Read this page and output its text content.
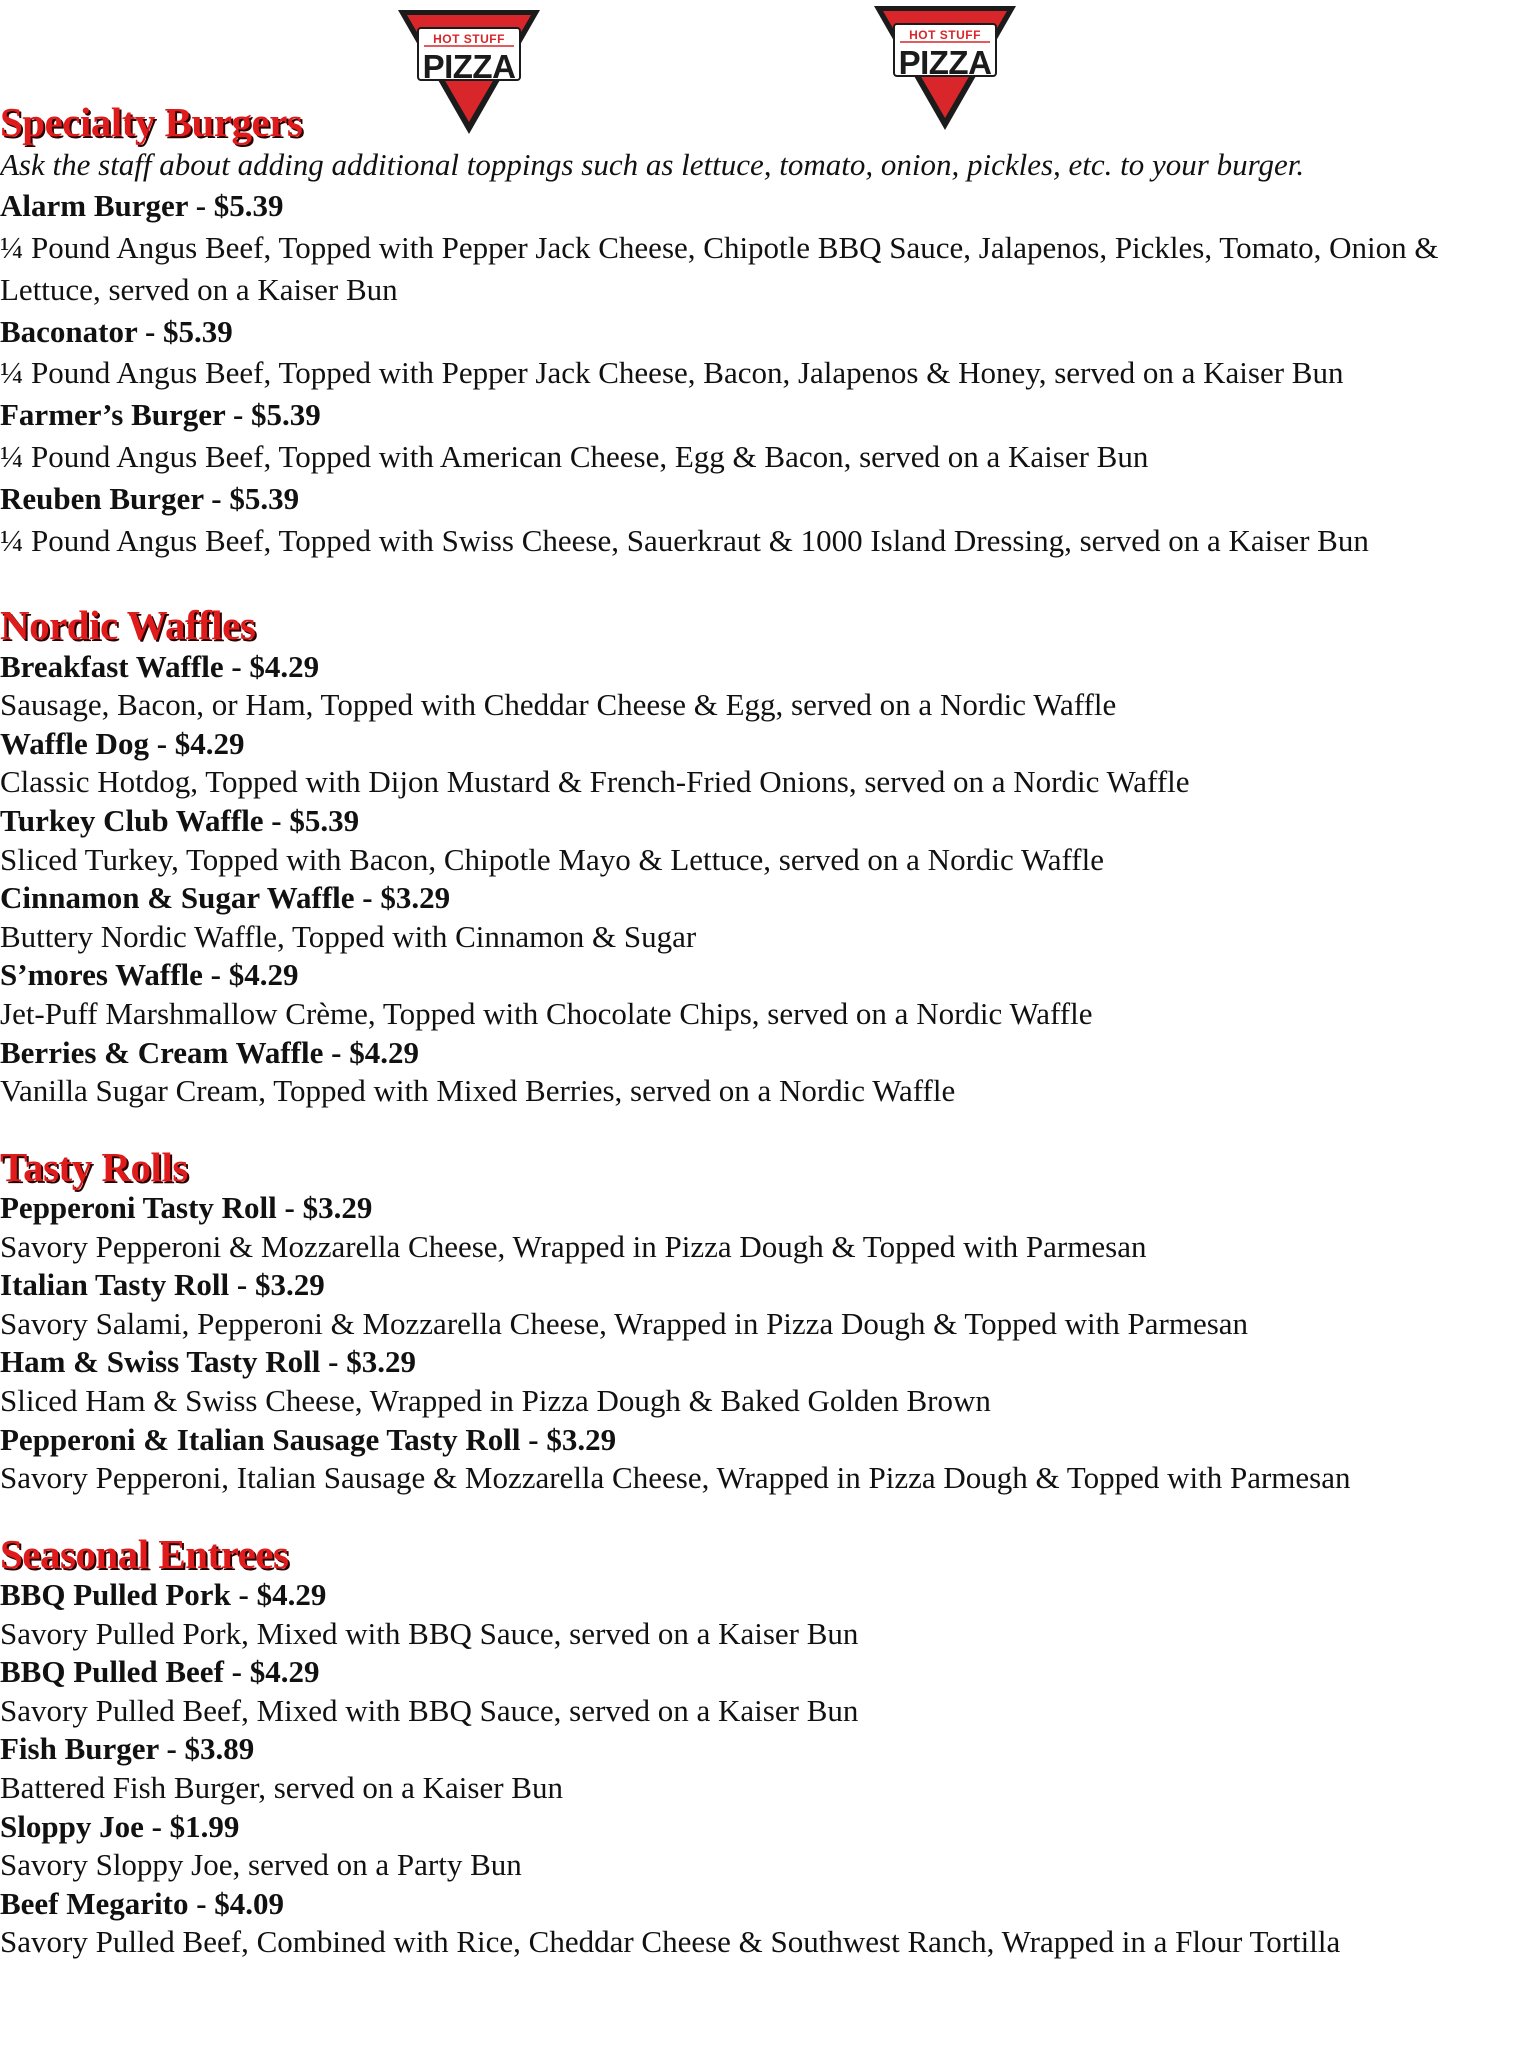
HOT STUFF
PIZZA
HOT STUFF
PIZZA
Specialty Burgers

Ask the staff about adding additional toppings such as lettuce, tomato, onion, pickles, etc. to your burger.

Alarm Burger - $5.39

¼ Pound Angus Beef, Topped with Pepper Jack Cheese, Chipotle BBQ Sauce, Jalapenos, Pickles, Tomato, Onion & Lettuce, served on a Kaiser Bun

Baconator - $5.39

¼ Pound Angus Beef, Topped with Pepper Jack Cheese, Bacon, Jalapenos & Honey, served on a Kaiser Bun

Farmer’s Burger - $5.39

¼ Pound Angus Beef, Topped with American Cheese, Egg & Bacon, served on a Kaiser Bun

Reuben Burger - $5.39

¼ Pound Angus Beef, Topped with Swiss Cheese, Sauerkraut & 1000 Island Dressing, served on a Kaiser Bun

Nordic Waffles

Breakfast Waffle - $4.29

Sausage, Bacon, or Ham, Topped with Cheddar Cheese & Egg, served on a Nordic Waffle

Waffle Dog - $4.29

Classic Hotdog, Topped with Dijon Mustard & French-Fried Onions, served on a Nordic Waffle

Turkey Club Waffle - $5.39

Sliced Turkey, Topped with Bacon, Chipotle Mayo & Lettuce, served on a Nordic Waffle

Cinnamon & Sugar Waffle - $3.29

Buttery Nordic Waffle, Topped with Cinnamon & Sugar

S’mores Waffle - $4.29

Jet-Puff Marshmallow Crème, Topped with Chocolate Chips, served on a Nordic Waffle

Berries & Cream Waffle - $4.29

Vanilla Sugar Cream, Topped with Mixed Berries, served on a Nordic Waffle

Tasty Rolls

Pepperoni Tasty Roll - $3.29

Savory Pepperoni & Mozzarella Cheese, Wrapped in Pizza Dough & Topped with Parmesan

Italian Tasty Roll - $3.29

Savory Salami, Pepperoni & Mozzarella Cheese, Wrapped in Pizza Dough & Topped with Parmesan

Ham & Swiss Tasty Roll - $3.29

Sliced Ham & Swiss Cheese, Wrapped in Pizza Dough & Baked Golden Brown

Pepperoni & Italian Sausage Tasty Roll - $3.29

Savory Pepperoni, Italian Sausage & Mozzarella Cheese, Wrapped in Pizza Dough & Topped with Parmesan

Seasonal Entrees

BBQ Pulled Pork - $4.29

Savory Pulled Pork, Mixed with BBQ Sauce, served on a Kaiser Bun

BBQ Pulled Beef - $4.29

Savory Pulled Beef, Mixed with BBQ Sauce, served on a Kaiser Bun

Fish Burger - $3.89

Battered Fish Burger, served on a Kaiser Bun

Sloppy Joe - $1.99

Savory Sloppy Joe, served on a Party Bun

Beef Megarito - $4.09

Savory Pulled Beef, Combined with Rice, Cheddar Cheese & Southwest Ranch, Wrapped in a Flour Tortilla
